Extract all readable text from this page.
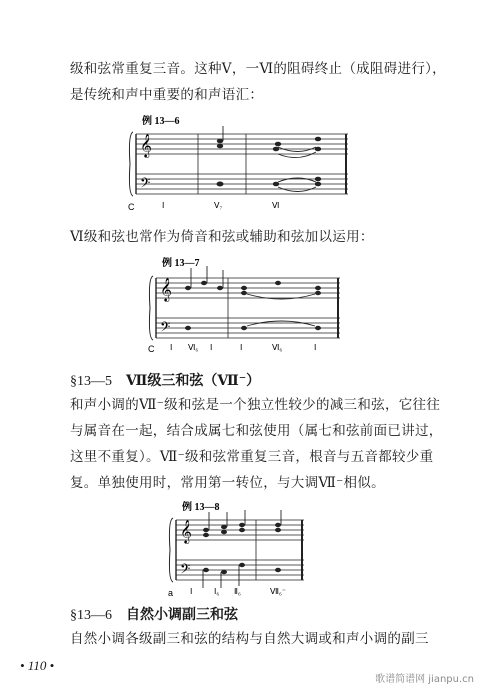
级和弦常重复三音。这种Ⅴ，一Ⅵ的阻碍终止（成阻碍进行），是传统和声中重要的和声语汇：
例 13—6
C
𝄞
𝄢
Ⅰ	Ⅴ₇	Ⅵ
Ⅵ级和弦也常作为倚音和弦或辅助和弦加以运用：
例 13—7
C
𝄞
𝄢
Ⅰ Ⅵ₆ Ⅰ	Ⅰ	Ⅵ₆	Ⅰ
§13—5 Ⅶ级三和弦（Ⅶ⁻）
和声小调的Ⅶ⁻级和弦是一个独立性较少的减三和弦，它往往与属音在一起，结合成属七和弦使用（属七和弦前面已讲过，这里不重复）。Ⅶ⁻级和弦常重复三音，根音与五音都较少重复。单独使用时，常用第一转位，与大调Ⅶ⁻相似。
例 13—8
a
𝄞
𝄢
Ⅰ	Ⅰ₆ Ⅱ₆	Ⅶ₆⁻
§13—6 自然小调副三和弦
自然小调各级副三和弦的结构与自然大调或和声小调的副三
• 110 •
歌谱简谱网 jianpu.cn
